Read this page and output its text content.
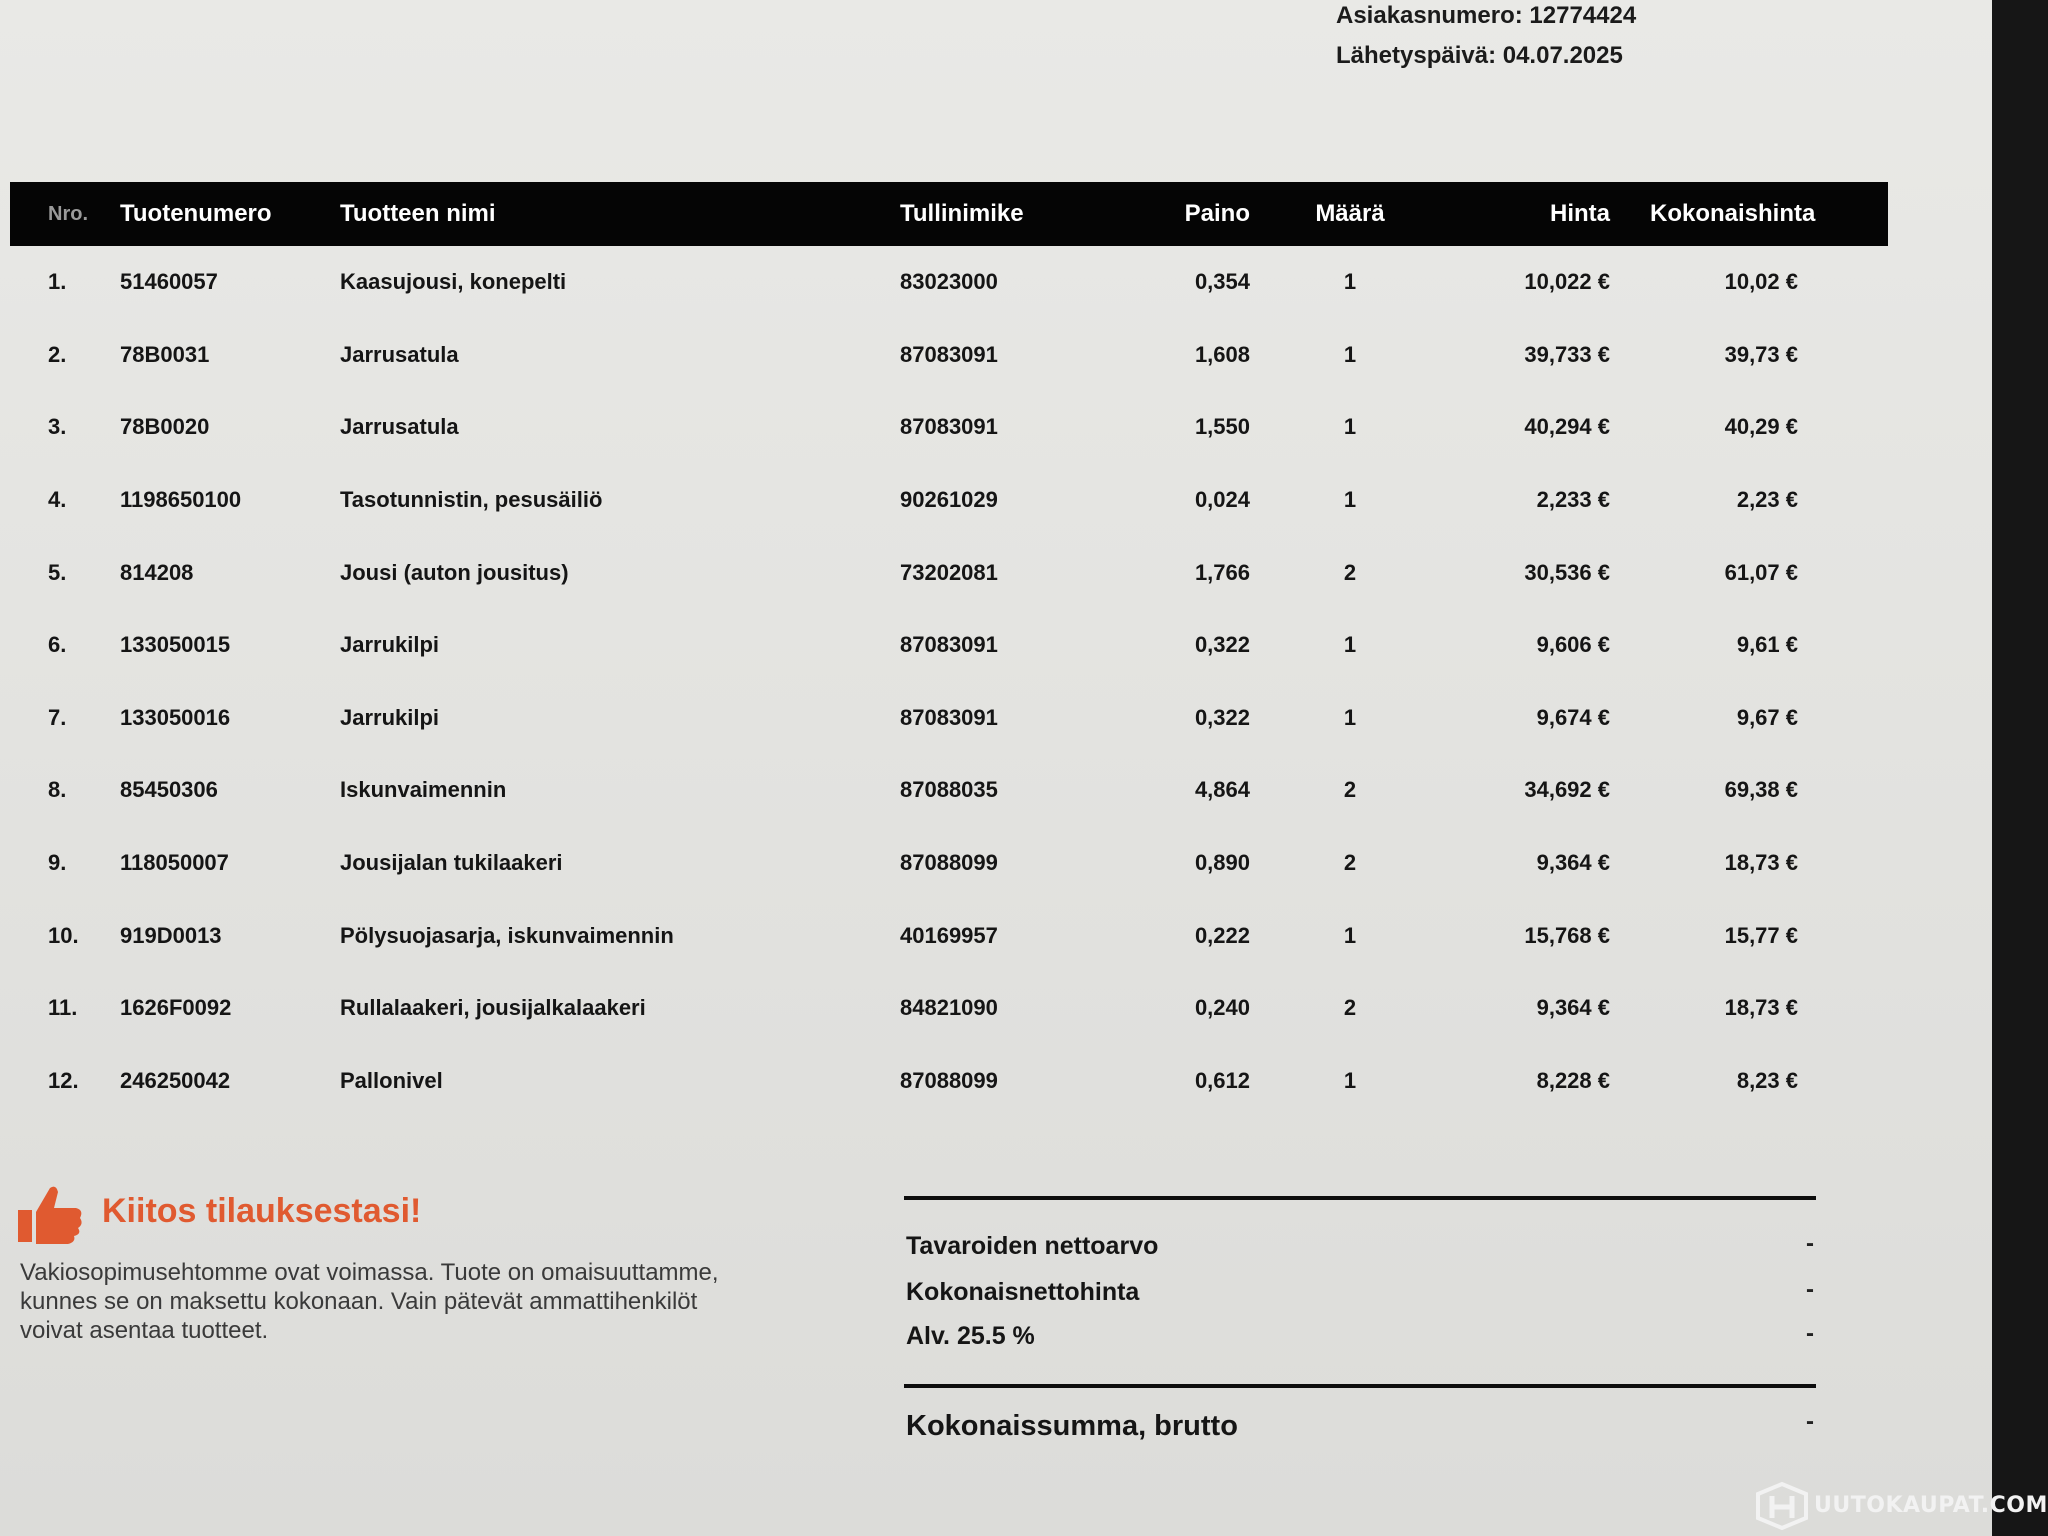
Asiakasnumero: 12774424
Lähetyspäivä: 04.07.2025
Nro.	Tuotenumero	Tuotteen nimi	Tullinimike	Paino	Määrä	Hinta	Kokonaishinta
1.	51460057	Kaasujousi, konepelti	83023000	0,354	1	10,022 €	10,02 €
2.	78B0031	Jarrusatula	87083091	1,608	1	39,733 €	39,73 €
3.	78B0020	Jarrusatula	87083091	1,550	1	40,294 €	40,29 €
4.	1198650100	Tasotunnistin, pesusäiliö	90261029	0,024	1	2,233 €	2,23 €
5.	814208	Jousi (auton jousitus)	73202081	1,766	2	30,536 €	61,07 €
6.	133050015	Jarrukilpi	87083091	0,322	1	9,606 €	9,61 €
7.	133050016	Jarrukilpi	87083091	0,322	1	9,674 €	9,67 €
8.	85450306	Iskunvaimennin	87088035	4,864	2	34,692 €	69,38 €
9.	118050007	Jousijalan tukilaakeri	87088099	0,890	2	9,364 €	18,73 €
10.	919D0013	Pölysuojasarja, iskunvaimennin	40169957	0,222	1	15,768 €	15,77 €
11.	1626F0092	Rullalaakeri, jousijalkalaakeri	84821090	0,240	2	9,364 €	18,73 €
12.	246250042	Pallonivel	87088099	0,612	1	8,228 €	8,23 €
Kiitos tilauksestasi!
Vakiosopimusehtomme ovat voimassa. Tuote on omaisuuttamme, kunnes se on maksettu kokonaan. Vain pätevät ammattihenkilöt voivat asentaa tuotteet.
Tavaroiden nettoarvo	-
Kokonaisnettohinta	-
Alv. 25.5 %	-
Kokonaissumma, brutto	-
UUTOKAUPAT.COM
